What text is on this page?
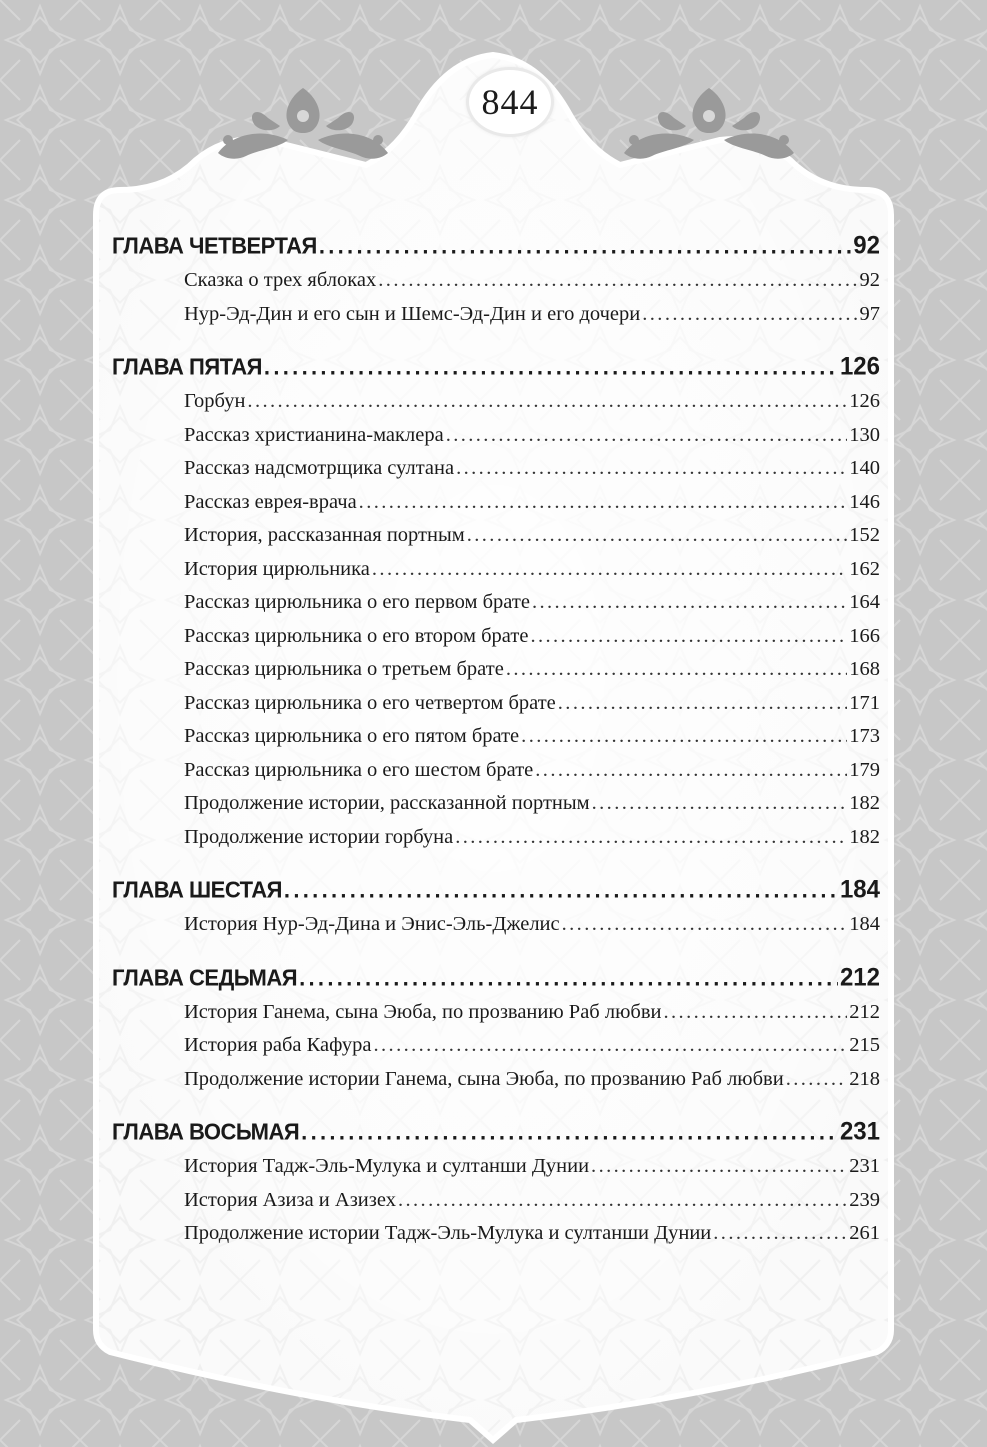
844
ГЛАВА ЧЕТВЕРТАЯ .....	92
Сказка о трех яблоках .....	92
Нур-Эд-Дин и его сын и Шемс-Эд-Дин и его дочери .....	97
ГЛАВА ПЯТАЯ .....	126
Горбун .....	126
Рассказ христианина-маклера .....	130
Рассказ надсмотрщика султана .....	140
Рассказ еврея-врача .....	146
История, рассказанная портным .....	152
История цирюльника .....	162
Рассказ цирюльника о его первом брате .....	164
Рассказ цирюльника о его втором брате .....	166
Рассказ цирюльника о третьем брате .....	168
Рассказ цирюльника о его четвертом брате .....	171
Рассказ цирюльника о его пятом брате .....	173
Рассказ цирюльника о его шестом брате .....	179
Продолжение истории, рассказанной портным .....	182
Продолжение истории горбуна .....	182
ГЛАВА ШЕСТАЯ .....	184
История Нур-Эд-Дина и Энис-Эль-Джелис .....	184
ГЛАВА СЕДЬМАЯ .....	212
История Ганема, сына Эюба, по прозванию Раб любви .....	212
История раба Кафура .....	215
Продолжение истории Ганема, сына Эюба, по прозванию Раб любви .....	218
ГЛАВА ВОСЬМАЯ .....	231
История Тадж-Эль-Мулука и султанши Дунии .....	231
История Азиза и Азизех .....	239
Продолжение истории Тадж-Эль-Мулука и султанши Дунии .....	261
